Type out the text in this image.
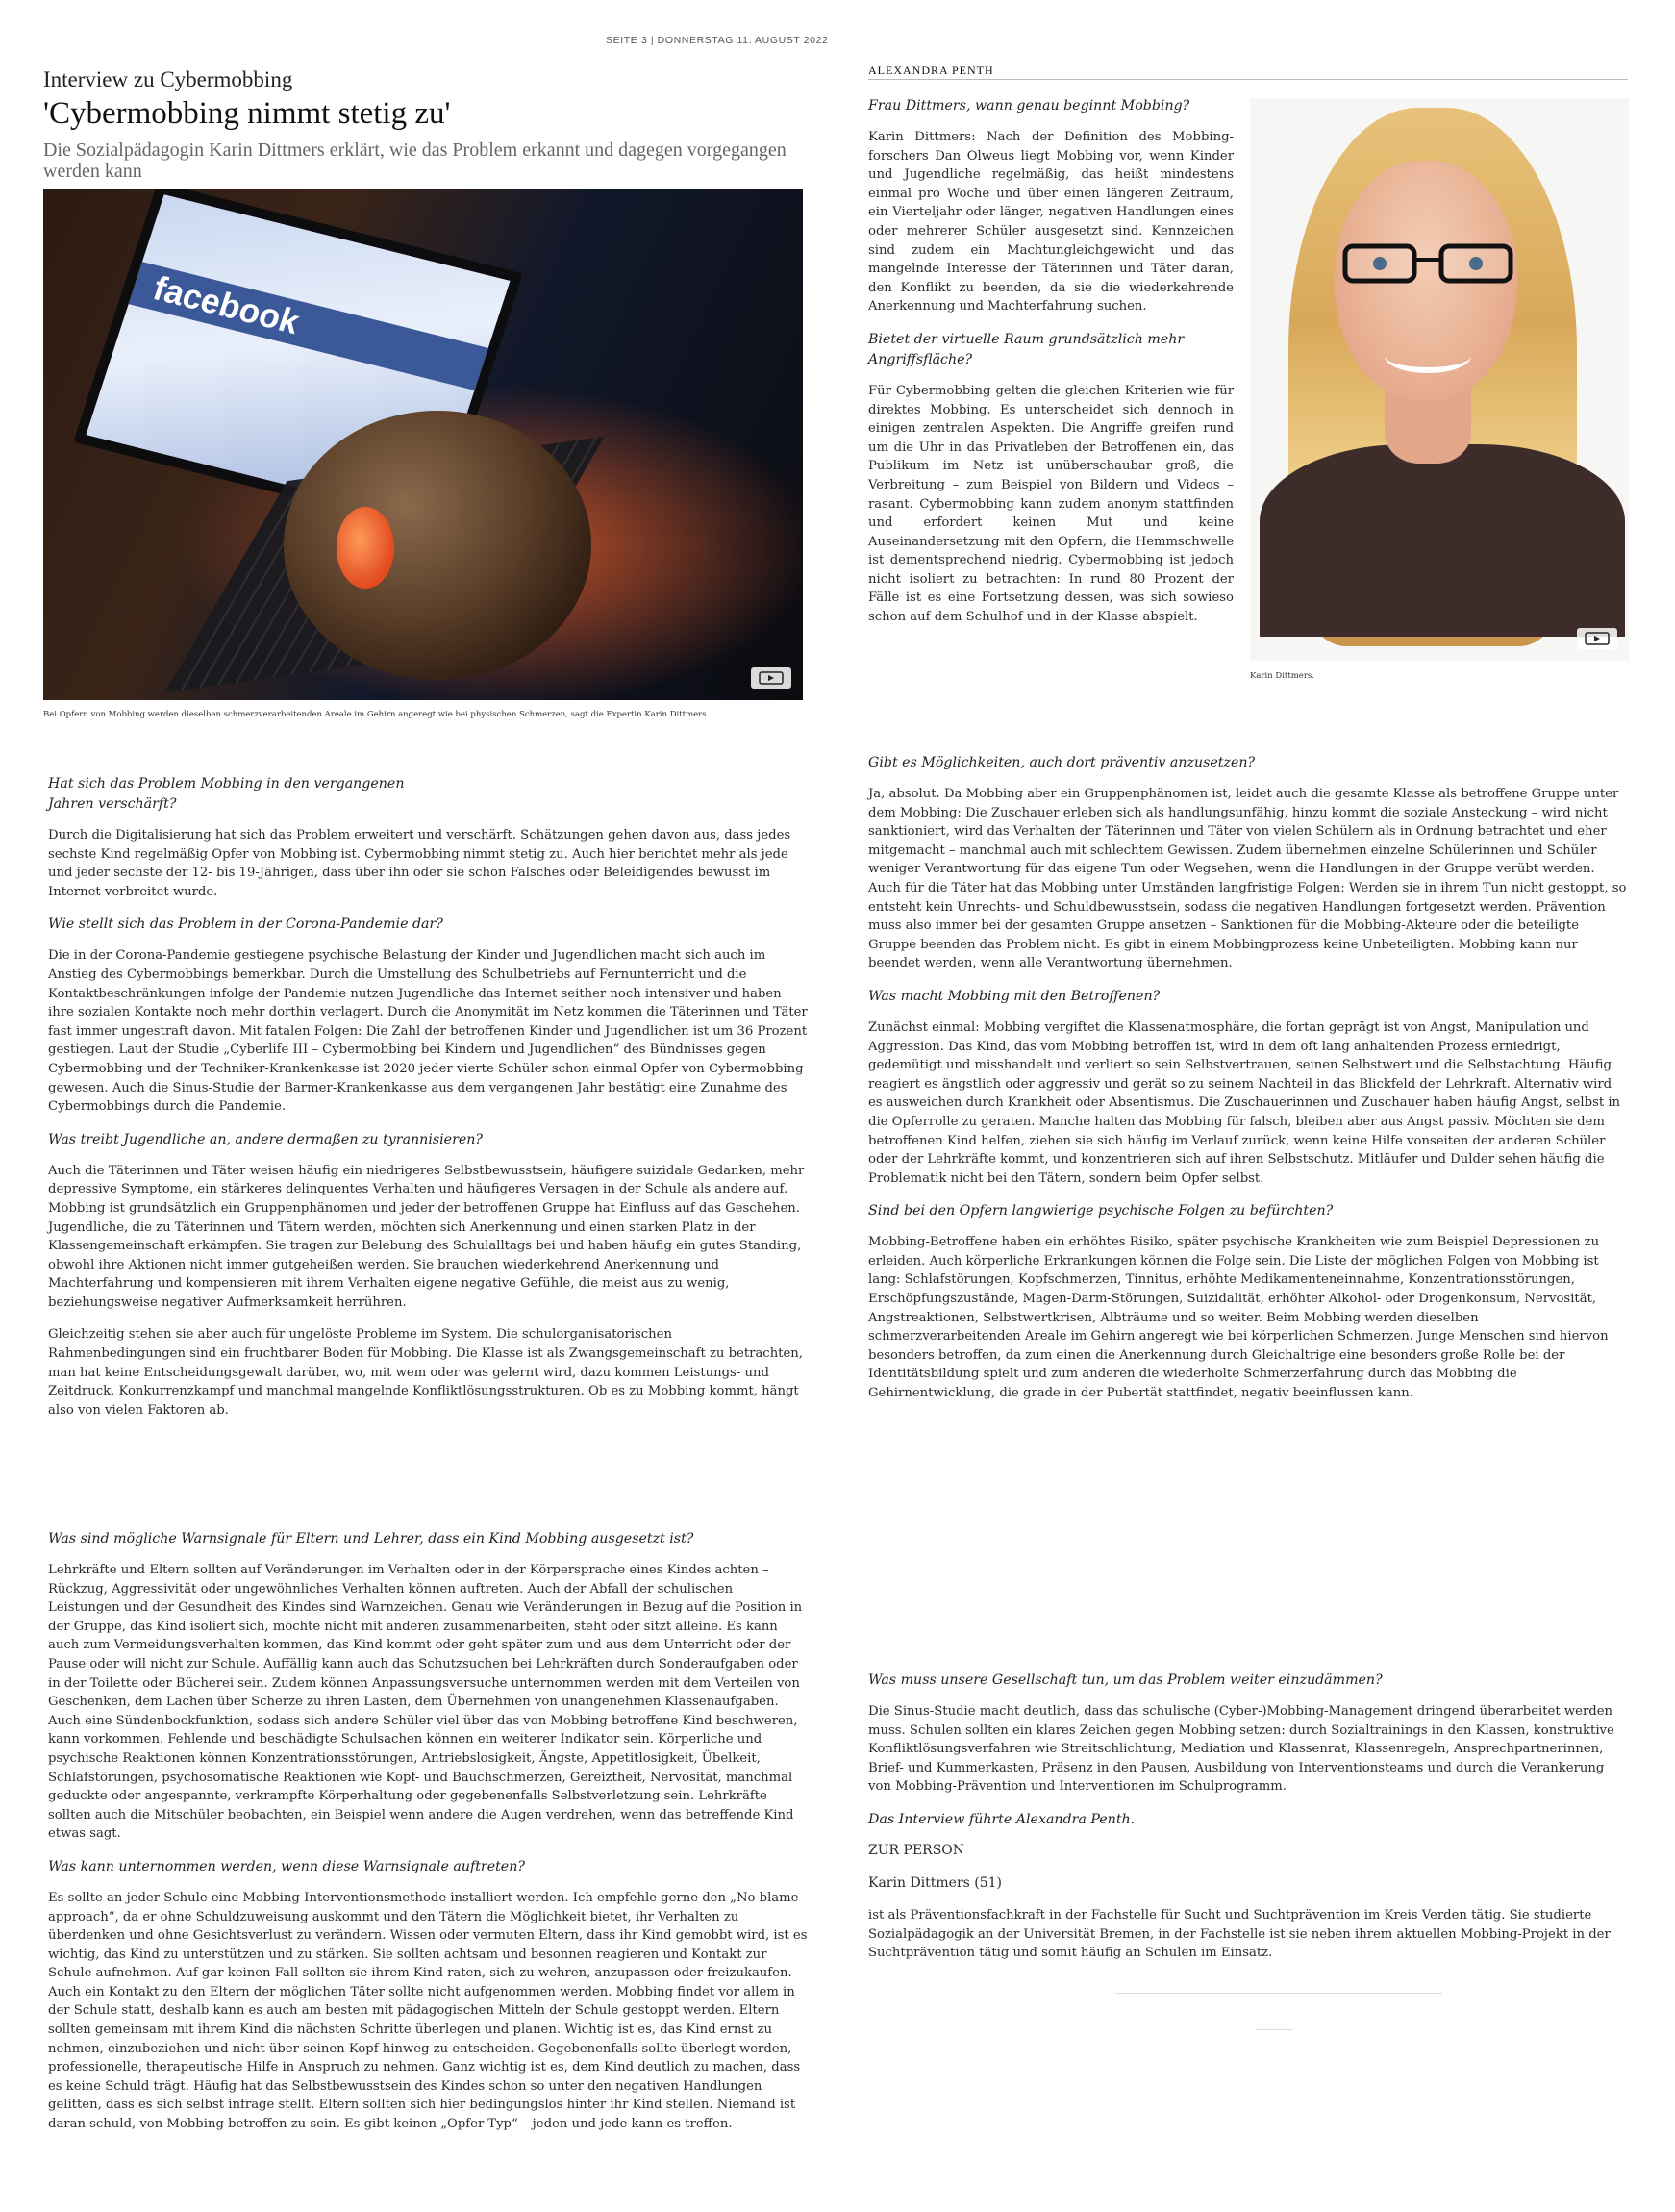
SEITE 3 | DONNERSTAG 11. AUGUST 2022
Interview zu Cybermobbing
'Cybermobbing nimmt stetig zu'
Die Sozialpädagogin Karin Dittmers erklärt, wie das Problem erkannt und dagegen vorgegangen werden kann
ALEXANDRA PENTH
facebook
Bei Opfern von Mobbing werden dieselben schmerzverarbeitenden Areale im Gehirn angeregt wie bei physischen Schmerzen, sagt die Expertin Karin Dittmers.

Frau Dittmers, wann genau beginnt Mobbing?

Karin Dittmers: Nach der Definition des Mobbing-forschers Dan Olweus liegt Mobbing vor, wenn Kinder und Jugendliche regelmäßig, das heißt mindestens einmal pro Woche und über einen längeren Zeitraum, ein Vierteljahr oder länger, negativen Handlungen eines oder mehrerer Schüler ausgesetzt sind. Kennzeichen sind zudem ein Machtungleichgewicht und das mangelnde Interesse der Täterinnen und Täter daran, den Konflikt zu beenden, da sie die wiederkehrende Anerkennung und Machterfahrung suchen.

Bietet der virtuelle Raum grundsätzlich mehr Angriffsfläche?

Für Cybermobbing gelten die gleichen Kriterien wie für direktes Mobbing. Es unterscheidet sich dennoch in einigen zentralen Aspekten. Die Angriffe greifen rund um die Uhr in das Privatleben der Betroffenen ein, das Publikum im Netz ist unüberschaubar groß, die Verbreitung – zum Beispiel von Bildern und Videos – rasant. Cybermobbing kann zudem anonym stattfinden und erfordert keinen Mut und keine Auseinandersetzung mit den Opfern, die Hemmschwelle ist dementsprechend niedrig. Cybermobbing ist jedoch nicht isoliert zu betrachten: In rund 80 Prozent der Fälle ist es eine Fortsetzung dessen, was sich sowieso schon auf dem Schulhof und in der Klasse abspielt.

Karin Dittmers.

Hat sich das Problem Mobbing in den vergangenen Jahren verschärft?

Durch die Digitalisierung hat sich das Problem erweitert und verschärft. Schätzungen gehen davon aus, dass jedes sechste Kind regelmäßig Opfer von Mobbing ist. Cybermobbing nimmt stetig zu. Auch hier berichtet mehr als jede und jeder sechste der 12- bis 19-Jährigen, dass über ihn oder sie schon Falsches oder Beleidigendes bewusst im Internet verbreitet wurde.

Wie stellt sich das Problem in der Corona-Pandemie dar?

Die in der Corona-Pandemie gestiegene psychische Belastung der Kinder und Jugendlichen macht sich auch im Anstieg des Cybermobbings bemerkbar. Durch die Umstellung des Schulbetriebs auf Fernunterricht und die Kontaktbeschränkungen infolge der Pandemie nutzen Jugendliche das Internet seither noch intensiver und haben ihre sozialen Kontakte noch mehr dorthin verlagert. Durch die Anonymität im Netz kommen die Täterinnen und Täter fast immer ungestraft davon. Mit fatalen Folgen: Die Zahl der betroffenen Kinder und Jugendlichen ist um 36 Prozent gestiegen. Laut der Studie „Cyberlife III – Cybermobbing bei Kindern und Jugendlichen“ des Bündnisses gegen Cybermobbing und der Techniker-Krankenkasse ist 2020 jeder vierte Schüler schon einmal Opfer von Cybermobbing gewesen. Auch die Sinus-Studie der Barmer-Krankenkasse aus dem vergangenen Jahr bestätigt eine Zunahme des Cybermobbings durch die Pandemie.

Was treibt Jugendliche an, andere dermaßen zu tyrannisieren?

Auch die Täterinnen und Täter weisen häufig ein niedrigeres Selbstbewusstsein, häufigere suizidale Gedanken, mehr depressive Symptome, ein stärkeres delinquentes Verhalten und häufigeres Versagen in der Schule als andere auf. Mobbing ist grundsätzlich ein Gruppenphänomen und jeder der betroffenen Gruppe hat Einfluss auf das Geschehen. Jugendliche, die zu Täterinnen und Tätern werden, möchten sich Anerkennung und einen starken Platz in der Klassengemeinschaft erkämpfen. Sie tragen zur Belebung des Schulalltags bei und haben häufig ein gutes Standing, obwohl ihre Aktionen nicht immer gutgeheißen werden. Sie brauchen wiederkehrend Anerkennung und Machterfahrung und kompensieren mit ihrem Verhalten eigene negative Gefühle, die meist aus zu wenig, beziehungsweise negativer Aufmerksamkeit herrühren.

Gleichzeitig stehen sie aber auch für ungelöste Probleme im System. Die schulorganisatorischen Rahmenbedingungen sind ein fruchtbarer Boden für Mobbing. Die Klasse ist als Zwangsgemeinschaft zu betrachten, man hat keine Entscheidungsgewalt darüber, wo, mit wem oder was gelernt wird, dazu kommen Leistungs- und Zeitdruck, Konkurrenzkampf und manchmal mangelnde Konfliktlösungsstrukturen. Ob es zu Mobbing kommt, hängt also von vielen Faktoren ab.

Gibt es Möglichkeiten, auch dort präventiv anzusetzen?

Ja, absolut. Da Mobbing aber ein Gruppenphänomen ist, leidet auch die gesamte Klasse als betroffene Gruppe unter dem Mobbing: Die Zuschauer erleben sich als handlungsunfähig, hinzu kommt die soziale Ansteckung – wird nicht sanktioniert, wird das Verhalten der Täterinnen und Täter von vielen Schülern als in Ordnung betrachtet und eher mitgemacht – manchmal auch mit schlechtem Gewissen. Zudem übernehmen einzelne Schülerinnen und Schüler weniger Verantwortung für das eigene Tun oder Wegsehen, wenn die Handlungen in der Gruppe verübt werden. Auch für die Täter hat das Mobbing unter Umständen langfristige Folgen: Werden sie in ihrem Tun nicht gestoppt, so entsteht kein Unrechts- und Schuldbewusstsein, sodass die negativen Handlungen fortgesetzt werden. Prävention muss also immer bei der gesamten Gruppe ansetzen – Sanktionen für die Mobbing-Akteure oder die beteiligte Gruppe beenden das Problem nicht. Es gibt in einem Mobbingprozess keine Unbeteiligten. Mobbing kann nur beendet werden, wenn alle Verantwortung übernehmen.

Was macht Mobbing mit den Betroffenen?

Zunächst einmal: Mobbing vergiftet die Klassenatmosphäre, die fortan geprägt ist von Angst, Manipulation und Aggression. Das Kind, das vom Mobbing betroffen ist, wird in dem oft lang anhaltenden Prozess erniedrigt, gedemütigt und misshandelt und verliert so sein Selbstvertrauen, seinen Selbstwert und die Selbstachtung. Häufig reagiert es ängstlich oder aggressiv und gerät so zu seinem Nachteil in das Blickfeld der Lehrkraft. Alternativ wird es ausweichen durch Krankheit oder Absentismus. Die Zuschauerinnen und Zuschauer haben häufig Angst, selbst in die Opferrolle zu geraten. Manche halten das Mobbing für falsch, bleiben aber aus Angst passiv. Möchten sie dem betroffenen Kind helfen, ziehen sie sich häufig im Verlauf zurück, wenn keine Hilfe vonseiten der anderen Schüler oder der Lehrkräfte kommt, und konzentrieren sich auf ihren Selbstschutz. Mitläufer und Dulder sehen häufig die Problematik nicht bei den Tätern, sondern beim Opfer selbst.

Sind bei den Opfern langwierige psychische Folgen zu befürchten?

Mobbing-Betroffene haben ein erhöhtes Risiko, später psychische Krankheiten wie zum Beispiel Depressionen zu erleiden. Auch körperliche Erkrankungen können die Folge sein. Die Liste der möglichen Folgen von Mobbing ist lang: Schlafstörungen, Kopfschmerzen, Tinnitus, erhöhte Medikamenteneinnahme, Konzentrationsstörungen, Erschöpfungszustände, Magen-Darm-Störungen, Suizidalität, erhöhter Alkohol- oder Drogenkonsum, Nervosität, Angstreaktionen, Selbstwertkrisen, Albträume und so weiter. Beim Mobbing werden dieselben schmerzverarbeitenden Areale im Gehirn angeregt wie bei körperlichen Schmerzen. Junge Menschen sind hiervon besonders betroffen, da zum einen die Anerkennung durch Gleichaltrige eine besonders große Rolle bei der Identitätsbildung spielt und zum anderen die wiederholte Schmerzerfahrung durch das Mobbing die Gehirnentwicklung, die grade in der Pubertät stattfindet, negativ beeinflussen kann.

Was sind mögliche Warnsignale für Eltern und Lehrer, dass ein Kind Mobbing ausgesetzt ist?

Lehrkräfte und Eltern sollten auf Veränderungen im Verhalten oder in der Körpersprache eines Kindes achten – Rückzug, Aggressivität oder ungewöhnliches Verhalten können auftreten. Auch der Abfall der schulischen Leistungen und der Gesundheit des Kindes sind Warnzeichen. Genau wie Veränderungen in Bezug auf die Position in der Gruppe, das Kind isoliert sich, möchte nicht mit anderen zusammenarbeiten, steht oder sitzt alleine. Es kann auch zum Vermeidungsverhalten kommen, das Kind kommt oder geht später zum und aus dem Unterricht oder der Pause oder will nicht zur Schule. Auffällig kann auch das Schutzsuchen bei Lehrkräften durch Sonderaufgaben oder in der Toilette oder Bücherei sein. Zudem können Anpassungsversuche unternommen werden mit dem Verteilen von Geschenken, dem Lachen über Scherze zu ihren Lasten, dem Übernehmen von unangenehmen Klassenaufgaben. Auch eine Sündenbockfunktion, sodass sich andere Schüler viel über das von Mobbing betroffene Kind beschweren, kann vorkommen. Fehlende und beschädigte Schulsachen können ein weiterer Indikator sein. Körperliche und psychische Reaktionen können Konzentrationsstörungen, Antriebslosigkeit, Ängste, Appetitlosigkeit, Übelkeit, Schlafstörungen, psychosomatische Reaktionen wie Kopf- und Bauchschmerzen, Gereiztheit, Nervosität, manchmal geduckte oder angespannte, verkrampfte Körperhaltung oder gegebenenfalls Selbstverletzung sein. Lehrkräfte sollten auch die Mitschüler beobachten, ein Beispiel wenn andere die Augen verdrehen, wenn das betreffende Kind etwas sagt.

Was kann unternommen werden, wenn diese Warnsignale auftreten?

Es sollte an jeder Schule eine Mobbing-Interventionsmethode installiert werden. Ich empfehle gerne den „No blame approach“, da er ohne Schuldzuweisung auskommt und den Tätern die Möglichkeit bietet, ihr Verhalten zu überdenken und ohne Gesichtsverlust zu verändern. Wissen oder vermuten Eltern, dass ihr Kind gemobbt wird, ist es wichtig, das Kind zu unterstützen und zu stärken. Sie sollten achtsam und besonnen reagieren und Kontakt zur Schule aufnehmen. Auf gar keinen Fall sollten sie ihrem Kind raten, sich zu wehren, anzupassen oder freizukaufen. Auch ein Kontakt zu den Eltern der möglichen Täter sollte nicht aufgenommen werden. Mobbing findet vor allem in der Schule statt, deshalb kann es auch am besten mit pädagogischen Mitteln der Schule gestoppt werden. Eltern sollten gemeinsam mit ihrem Kind die nächsten Schritte überlegen und planen. Wichtig ist es, das Kind ernst zu nehmen, einzubeziehen und nicht über seinen Kopf hinweg zu entscheiden. Gegebenenfalls sollte überlegt werden, professionelle, therapeutische Hilfe in Anspruch zu nehmen. Ganz wichtig ist es, dem Kind deutlich zu machen, dass es keine Schuld trägt. Häufig hat das Selbstbewusstsein des Kindes schon so unter den negativen Handlungen gelitten, dass es sich selbst infrage stellt. Eltern sollten sich hier bedingungslos hinter ihr Kind stellen. Niemand ist daran schuld, von Mobbing betroffen zu sein. Es gibt keinen „Opfer-Typ“ – jeden und jede kann es treffen.

Was muss unsere Gesellschaft tun, um das Problem weiter einzudämmen?

Die Sinus-Studie macht deutlich, dass das schulische (Cyber-)Mobbing-Management dringend überarbeitet werden muss. Schulen sollten ein klares Zeichen gegen Mobbing setzen: durch Sozialtrainings in den Klassen, konstruktive Konfliktlösungsverfahren wie Streitschlichtung, Mediation und Klassenrat, Klassenregeln, Ansprechpartnerinnen, Brief- und Kummerkasten, Präsenz in den Pausen, Ausbildung von Interventionsteams und durch die Verankerung von Mobbing-Prävention und Interventionen im Schulprogramm.

Das Interview führte Alexandra Penth.

ZUR PERSON

Karin Dittmers (51)

ist als Präventionsfachkraft in der Fachstelle für Sucht und Suchtprävention im Kreis Verden tätig. Sie studierte Sozialpädagogik an der Universität Bremen, in der Fachstelle ist sie neben ihrem aktuellen Mobbing-Projekt in der Suchtprävention tätig und somit häufig an Schulen im Einsatz.
